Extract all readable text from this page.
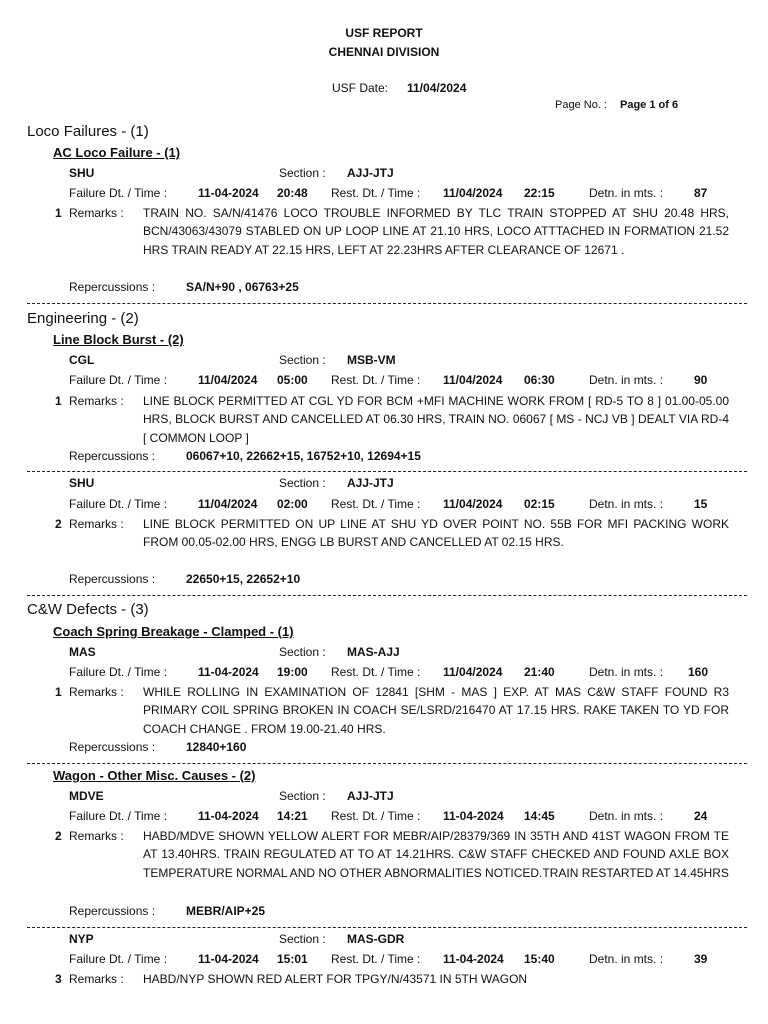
USF REPORT
CHENNAI DIVISION
USF Date: 11/04/2024
Page No. : Page 1 of 6
Loco Failures - (1)
AC Loco Failure - (1)
SHU	Section : AJJ-JTJ
Failure Dt. / Time :	11-04-2024 20:48 Rest. Dt. / Time : 11/04/2024 22:15	Detn. in mts. :	87
1 Remarks : TRAIN NO. SA/N/41476 LOCO TROUBLE INFORMED BY TLC TRAIN STOPPED AT SHU 20.48 HRS, BCN/43063/43079 STABLED ON UP LOOP LINE AT 21.10 HRS, LOCO ATTTACHED IN FORMATION 21.52 HRS TRAIN READY AT 22.15 HRS, LEFT AT 22.23HRS AFTER CLEARANCE OF 12671 .
Repercussions :	SA/N+90 , 06763+25
Engineering - (2)
Line Block Burst - (2)
CGL	Section : MSB-VM
Failure Dt. / Time :	11/04/2024 05:00 Rest. Dt. / Time : 11/04/2024 06:30	Detn. in mts. :	90
1 Remarks : LINE BLOCK PERMITTED AT CGL YD FOR BCM +MFI MACHINE WORK FROM [ RD-5 TO 8 ] 01.00-05.00 HRS, BLOCK BURST AND CANCELLED AT 06.30 HRS, TRAIN NO. 06067 [ MS - NCJ VB ] DEALT VIA RD-4 [ COMMON LOOP ]
Repercussions :	06067+10, 22662+15, 16752+10, 12694+15
SHU	Section : AJJ-JTJ
Failure Dt. / Time :	11/04/2024 02:00 Rest. Dt. / Time : 11/04/2024 02:15	Detn. in mts. :	15
2 Remarks : LINE BLOCK PERMITTED ON UP LINE AT SHU YD OVER POINT NO. 55B FOR MFI PACKING WORK FROM 00.05-02.00 HRS, ENGG LB BURST AND CANCELLED AT 02.15 HRS.
Repercussions :	22650+15, 22652+10
C&W Defects - (3)
Coach Spring Breakage - Clamped - (1)
MAS	Section : MAS-AJJ
Failure Dt. / Time :	11-04-2024 19:00 Rest. Dt. / Time : 11/04/2024 21:40	Detn. in mts. : 160
1 Remarks : WHILE ROLLING IN EXAMINATION OF 12841 [SHM - MAS ] EXP. AT MAS C&W STAFF FOUND R3 PRIMARY COIL SPRING BROKEN IN COACH SE/LSRD/216470 AT 17.15 HRS. RAKE TAKEN TO YD FOR COACH CHANGE . FROM 19.00-21.40 HRS.
Repercussions :	12840+160
Wagon - Other Misc. Causes - (2)
MDVE	Section : AJJ-JTJ
Failure Dt. / Time :	11-04-2024 14:21 Rest. Dt. / Time : 11-04-2024 14:45	Detn. in mts. :	24
2 Remarks : HABD/MDVE SHOWN YELLOW ALERT FOR MEBR/AIP/28379/369 IN 35TH AND 41ST WAGON FROM TE AT 13.40HRS. TRAIN REGULATED AT TO AT 14.21HRS. C&W STAFF CHECKED AND FOUND AXLE BOX TEMPERATURE NORMAL AND NO OTHER ABNORMALITIES NOTICED.TRAIN RESTARTED AT 14.45HRS
Repercussions :	MEBR/AIP+25
NYP	Section : MAS-GDR
Failure Dt. / Time :	11-04-2024 15:01 Rest. Dt. / Time : 11-04-2024 15:40	Detn. in mts. :	39
3 Remarks : HABD/NYP SHOWN RED ALERT FOR TPGY/N/43571 IN 5TH WAGON
